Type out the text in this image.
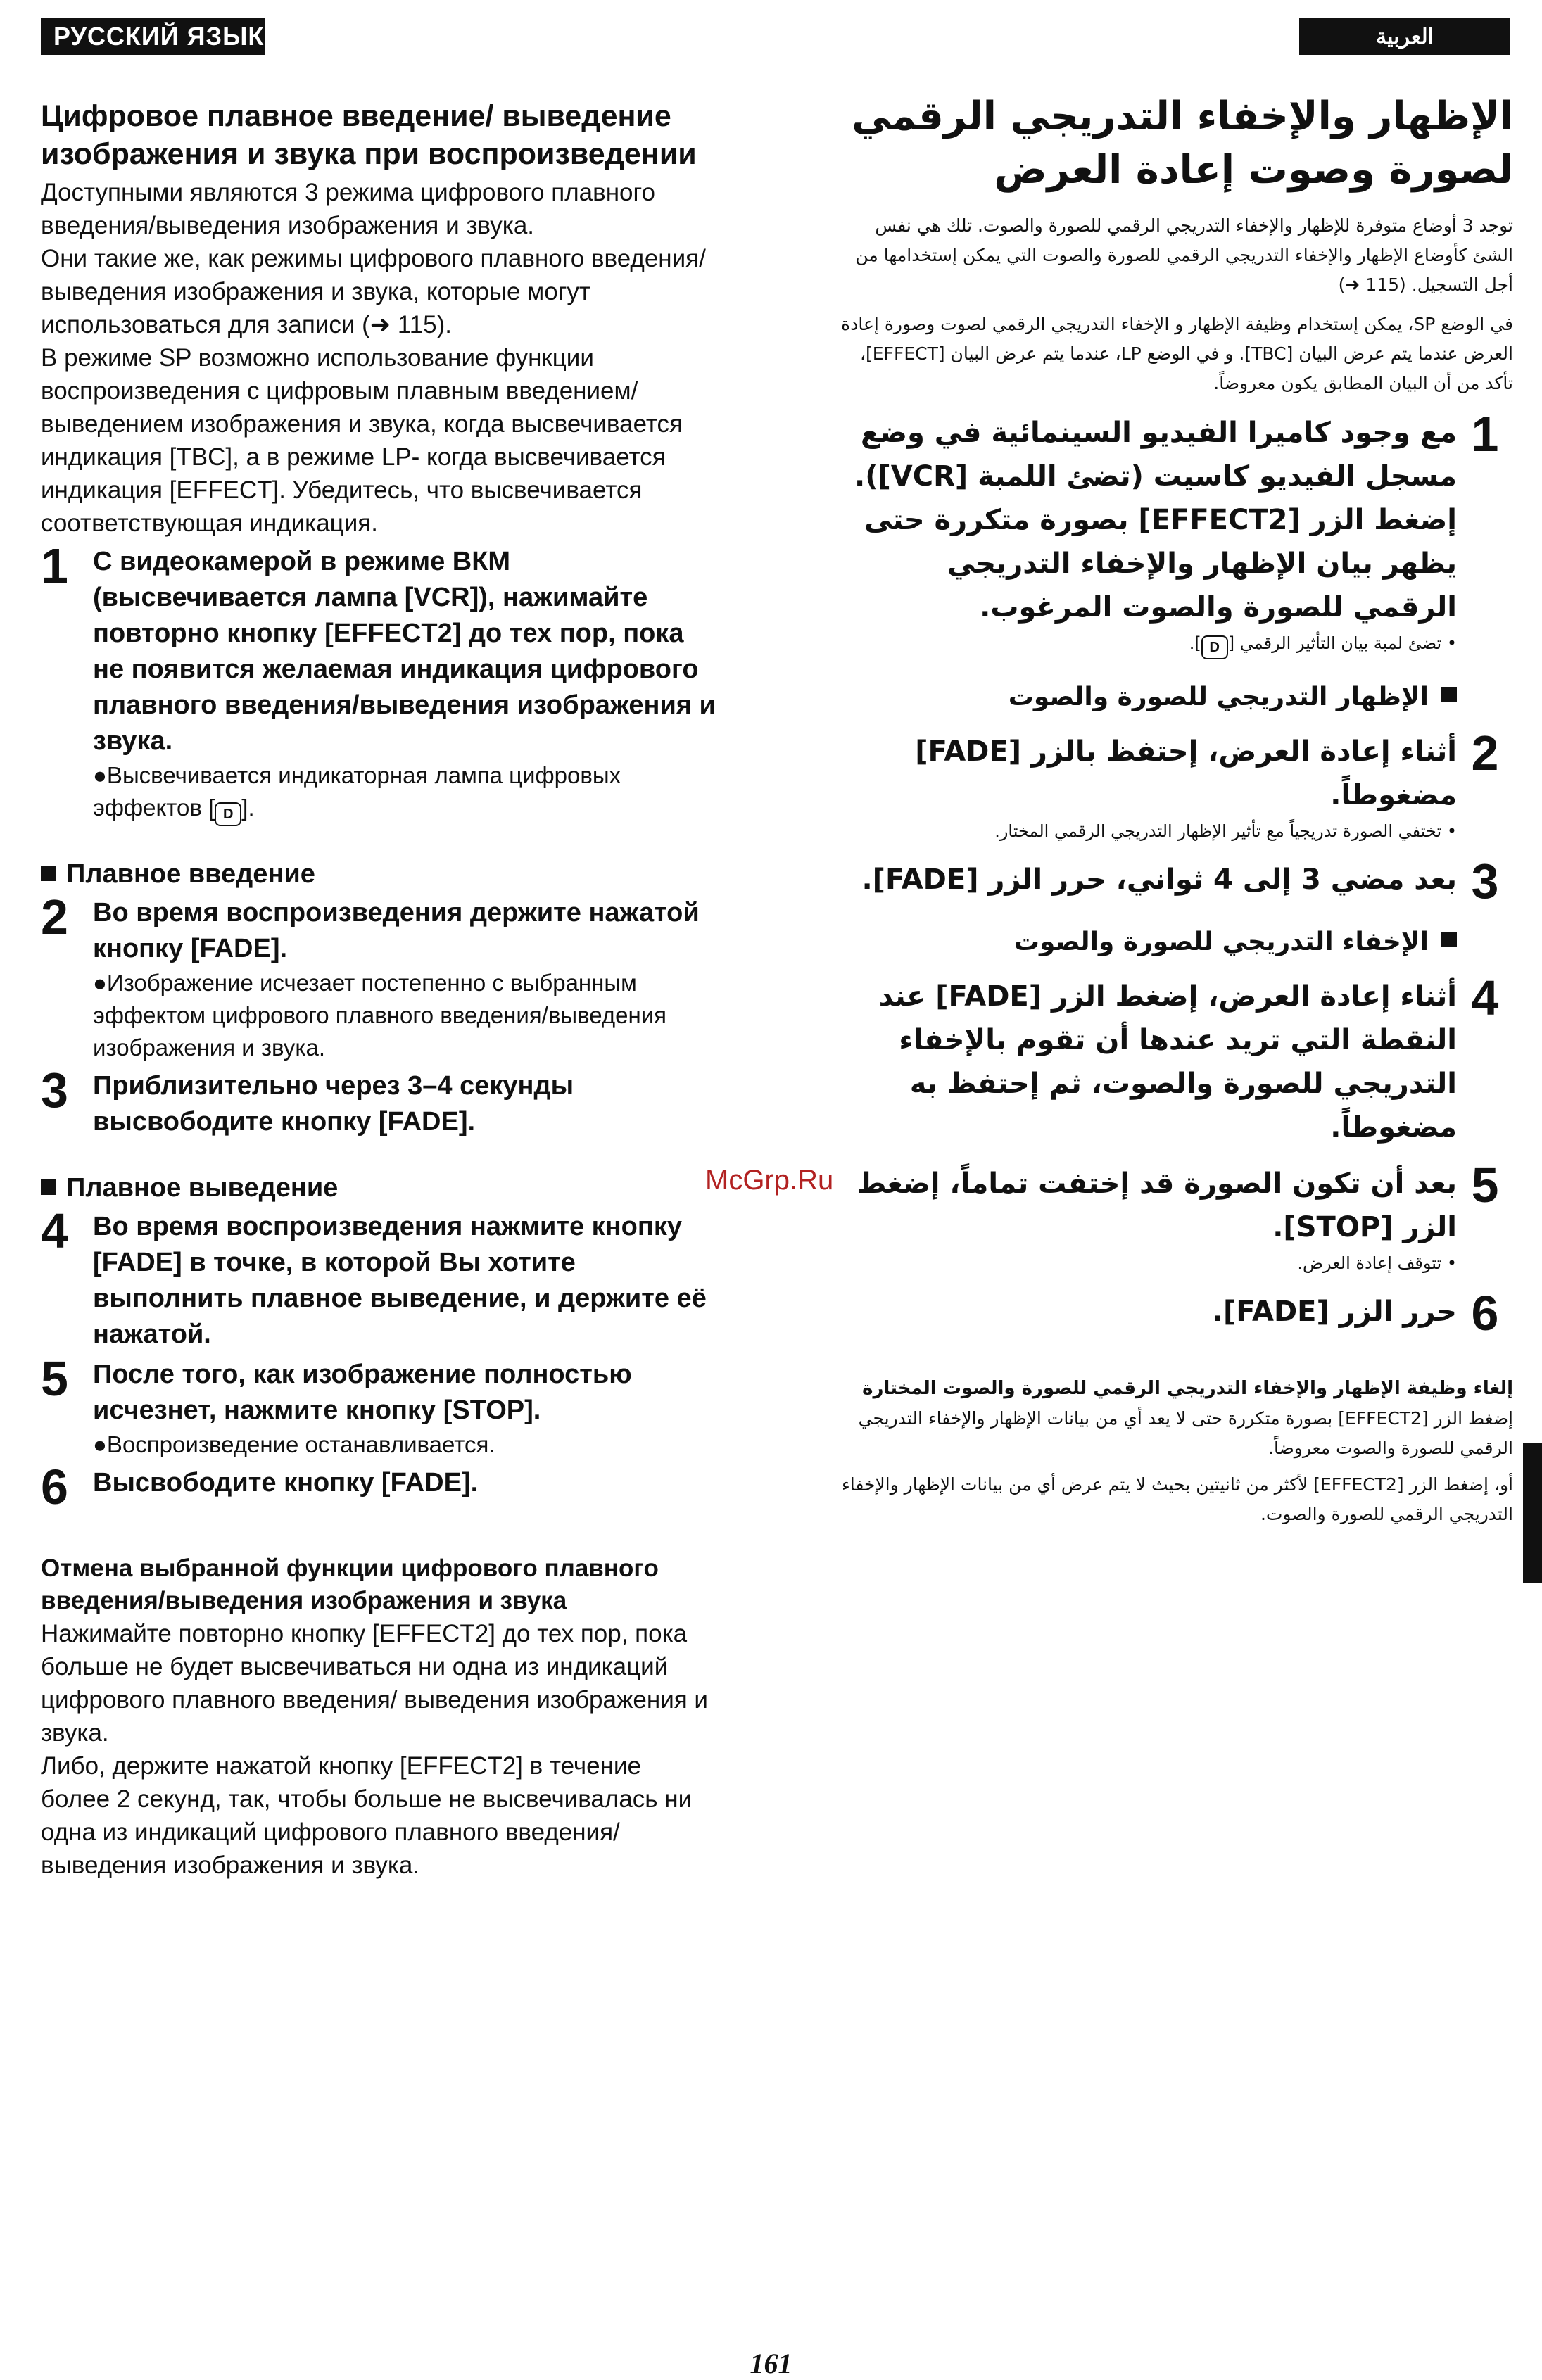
РУССКИЙ ЯЗЫК	العربية
Цифровое плавное введение/ выведение изображения и звука при воспроизведении

Доступными являются 3 режима цифрового плавного введения/выведения изображения и звука.

Они такие же, как режимы цифрового плавного введения/выведения изображения и звука, которые могут использоваться для записи (➜ 115).

В режиме SP возможно использование функции воспроизведения с цифровым плавным введением/ выведением изображения и звука, когда высвечивается индикация [TBC], а в режиме LP- когда высвечивается индикация [EFFECT]. Убедитесь, что высвечивается соответствующая индикация.

1 С видеокамерой в режиме ВКМ (высвечивается лампа [VCR]), нажимайте повторно кнопку [EFFECT2] до тех пор, пока не появится желаемая индикация цифрового плавного введения/выведения изображения и звука.
●Высвечивается индикаторная лампа цифровых эффектов [ D ].
Плавное введение
2 Во время воспроизведения держите нажатой кнопку [FADE].
●Изображение исчезает постепенно с выбранным эффектом цифрового плавного введения/выведения изображения и звука.
3 Приблизительно через 3–4 секунды высвободите кнопку [FADE].
Плавное выведение
4 Во время воспроизведения нажмите кнопку [FADE] в точке, в которой Вы хотите выполнить плавное выведение, и держите её нажатой.
5 После того, как изображение полностью исчезнет, нажмите кнопку [STOP].
●Воспроизведение останавливается.
6 Высвободите кнопку [FADE].
Отмена выбранной функции цифрового плавного введения/выведения изображения и звука

Нажимайте повторно кнопку [EFFECT2] до тех пор, пока больше не будет высвечиваться ни одна из индикаций цифрового плавного введения/ выведения изображения и звука.

Либо, держите нажатой кнопку [EFFECT2] в течение более 2 секунд, так, чтобы больше не высвечивалась ни одна из индикаций цифрового плавного введения/выведения изображения и звука.

الإظهار والإخفاء التدريجي الرقمي لصورة وصوت إعادة العرض

توجد 3 أوضاع متوفرة للإظهار والإخفاء التدريجي الرقمي للصورة والصوت. تلك هي نفس الشئ كأوضاع الإظهار والإخفاء التدريجي الرقمي للصورة والصوت التي يمكن إستخدامها من أجل التسجيل. (115 ➜)

في الوضع SP، يمكن إستخدام وظيفة الإظهار و الإخفاء التدريجي الرقمي لصوت وصورة إعادة العرض عندما يتم عرض البيان [TBC]. و في الوضع LP، عندما يتم عرض البيان [EFFECT]، تأكد من أن البيان المطابق يكون معروضاً.

1
مع وجود كاميرا الفيديو السينمائية في وضع مسجل الفيديو كاسيت (تضئ اللمبة [VCR]). إضغط الزر [EFFECT2] بصورة متكررة حتى يظهر بيان الإظهار والإخفاء التدريجي الرقمي للصورة والصوت المرغوب.
• تضئ لمبة بيان التأثير الرقمي [D].
الإظهار التدريجي للصورة والصوت
2
أثناء إعادة العرض، إحتفظ بالزر [FADE] مضغوطاً.
• تختفي الصورة تدريجياً مع تأثير الإظهار التدريجي الرقمي المختار.
3
بعد مضي 3 إلى 4 ثواني، حرر الزر [FADE].
الإخفاء التدريجي للصورة والصوت
4
أثناء إعادة العرض، إضغط الزر [FADE] عند النقطة التي تريد عندها أن تقوم بالإخفاء التدريجي للصورة والصوت، ثم إحتفظ به مضغوطاً.
5
بعد أن تكون الصورة قد إختفت تماماً، إضغط الزر [STOP].
• تتوقف إعادة العرض.
6
حرر الزر [FADE].
إلغاء وظيفة الإظهار والإخفاء التدريجي الرقمي للصورة والصوت المختارة

إضغط الزر [EFFECT2] بصورة متكررة حتى لا يعد أي من بيانات الإظهار والإخفاء التدريجي الرقمي للصورة والصوت معروضاً.

أو، إضغط الزر [EFFECT2] لأكثر من ثانيتين بحيث لا يتم عرض أي من بيانات الإظهار والإخفاء التدريجي الرقمي للصورة والصوت.

McGrp.Ru
161
